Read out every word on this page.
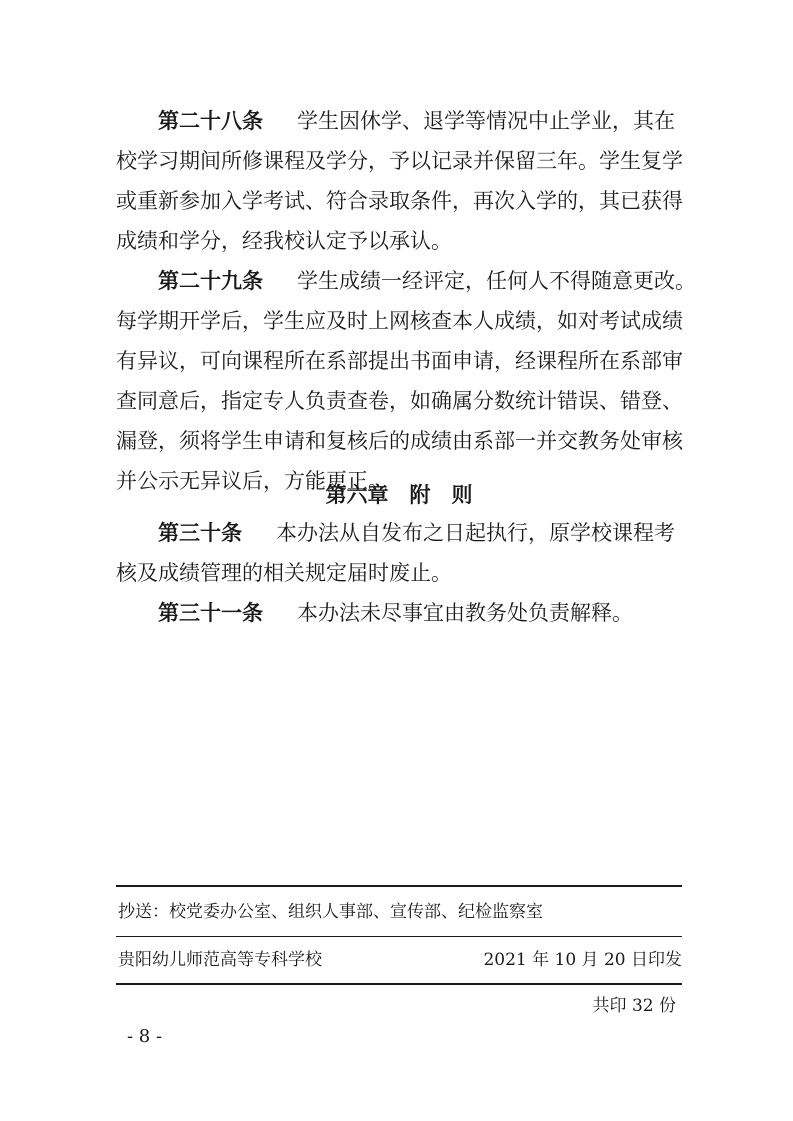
第二十八条 学生因休学、退学等情况中止学业，其在
校学习期间所修课程及学分，予以记录并保留三年。学生复学
或重新参加入学考试、符合录取条件，再次入学的，其已获得
成绩和学分，经我校认定予以承认。
第二十九条 学生成绩一经评定，任何人不得随意更改。
每学期开学后，学生应及时上网核查本人成绩，如对考试成绩
有异议，可向课程所在系部提出书面申请，经课程所在系部审
查同意后，指定专人负责查卷，如确属分数统计错误、错登、
漏登，须将学生申请和复核后的成绩由系部一并交教务处审核
并公示无异议后，方能更正。
第六章　附　则
第三十条 本办法从自发布之日起执行，原学校课程考
核及成绩管理的相关规定届时废止。
第三十一条 本办法未尽事宜由教务处负责解释。
抄送：校党委办公室、组织人事部、宣传部、纪检监察室
贵阳幼儿师范高等专科学校	2021 年 10 月 20 日印发
共印 32 份
- 8 -
